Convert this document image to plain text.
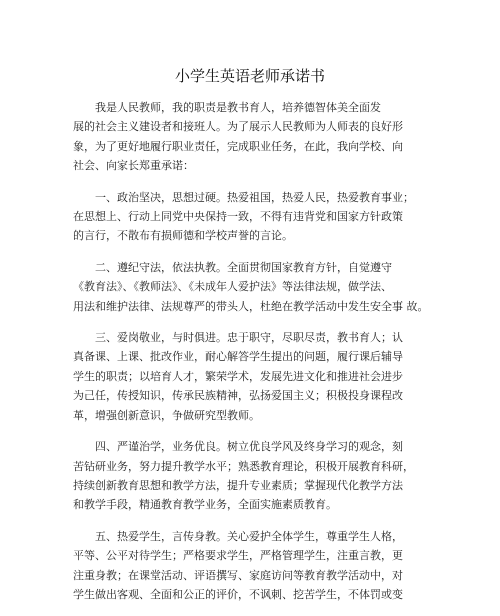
小学生英语老师承诺书
我是人民教师，我的职责是教书育人，培养德智体美全面发
展的社会主义建设者和接班人。为了展示人民教师为人师表的良好形
象，为了更好地履行职业责任，完成职业任务，在此，我向学校、向
社会、向家长郑重承诺：
一、政治坚决，思想过硬。热爱祖国，热爱人民，热爱教育事业；
在思想上、行动上同党中央保持一致，不得有违背党和国家方针政策
的言行，不散布有损师德和学校声誉的言论。
二、遵纪守法，依法执教。全面贯彻国家教育方针，自觉遵守
《教育法》、《教师法》、《未成年人爱护法》等法律法规，做学法、
用法和维护法律、法规尊严的带头人，杜绝在教学活动中发生安全事 故。
三、爱岗敬业，与时俱进。忠于职守，尽职尽责，教书育人；认
真备课、上课、批改作业，耐心解答学生提出的问题，履行课后辅导
学生的职责；以培育人才，繁荣学术，发展先进文化和推进社会进步
为己任，传授知识，传承民族精神，弘扬爱国主义；积极投身课程改
革，增强创新意识，争做研究型教师。
四、严谨治学，业务优良。树立优良学风及终身学习的观念，刻
苦钻研业务，努力提升教学水平；熟悉教育理论，积极开展教育科研，
持续创新教育思想和教学方法，提升专业素质；掌握现代化教学方法
和教学手段，精通教育教学业务，全面实施素质教育。
五、热爱学生，言传身教。关心爱护全体学生，尊重学生人格，
平等、公平对待学生；严格要求学生，严格管理学生，注重言教，更
注重身教；在课堂活动、评语撰写、家庭访问等教育教学活动中，对
学生做出客观、全面和公正的评价，不讽刺、挖苦学生，不体罚或变
